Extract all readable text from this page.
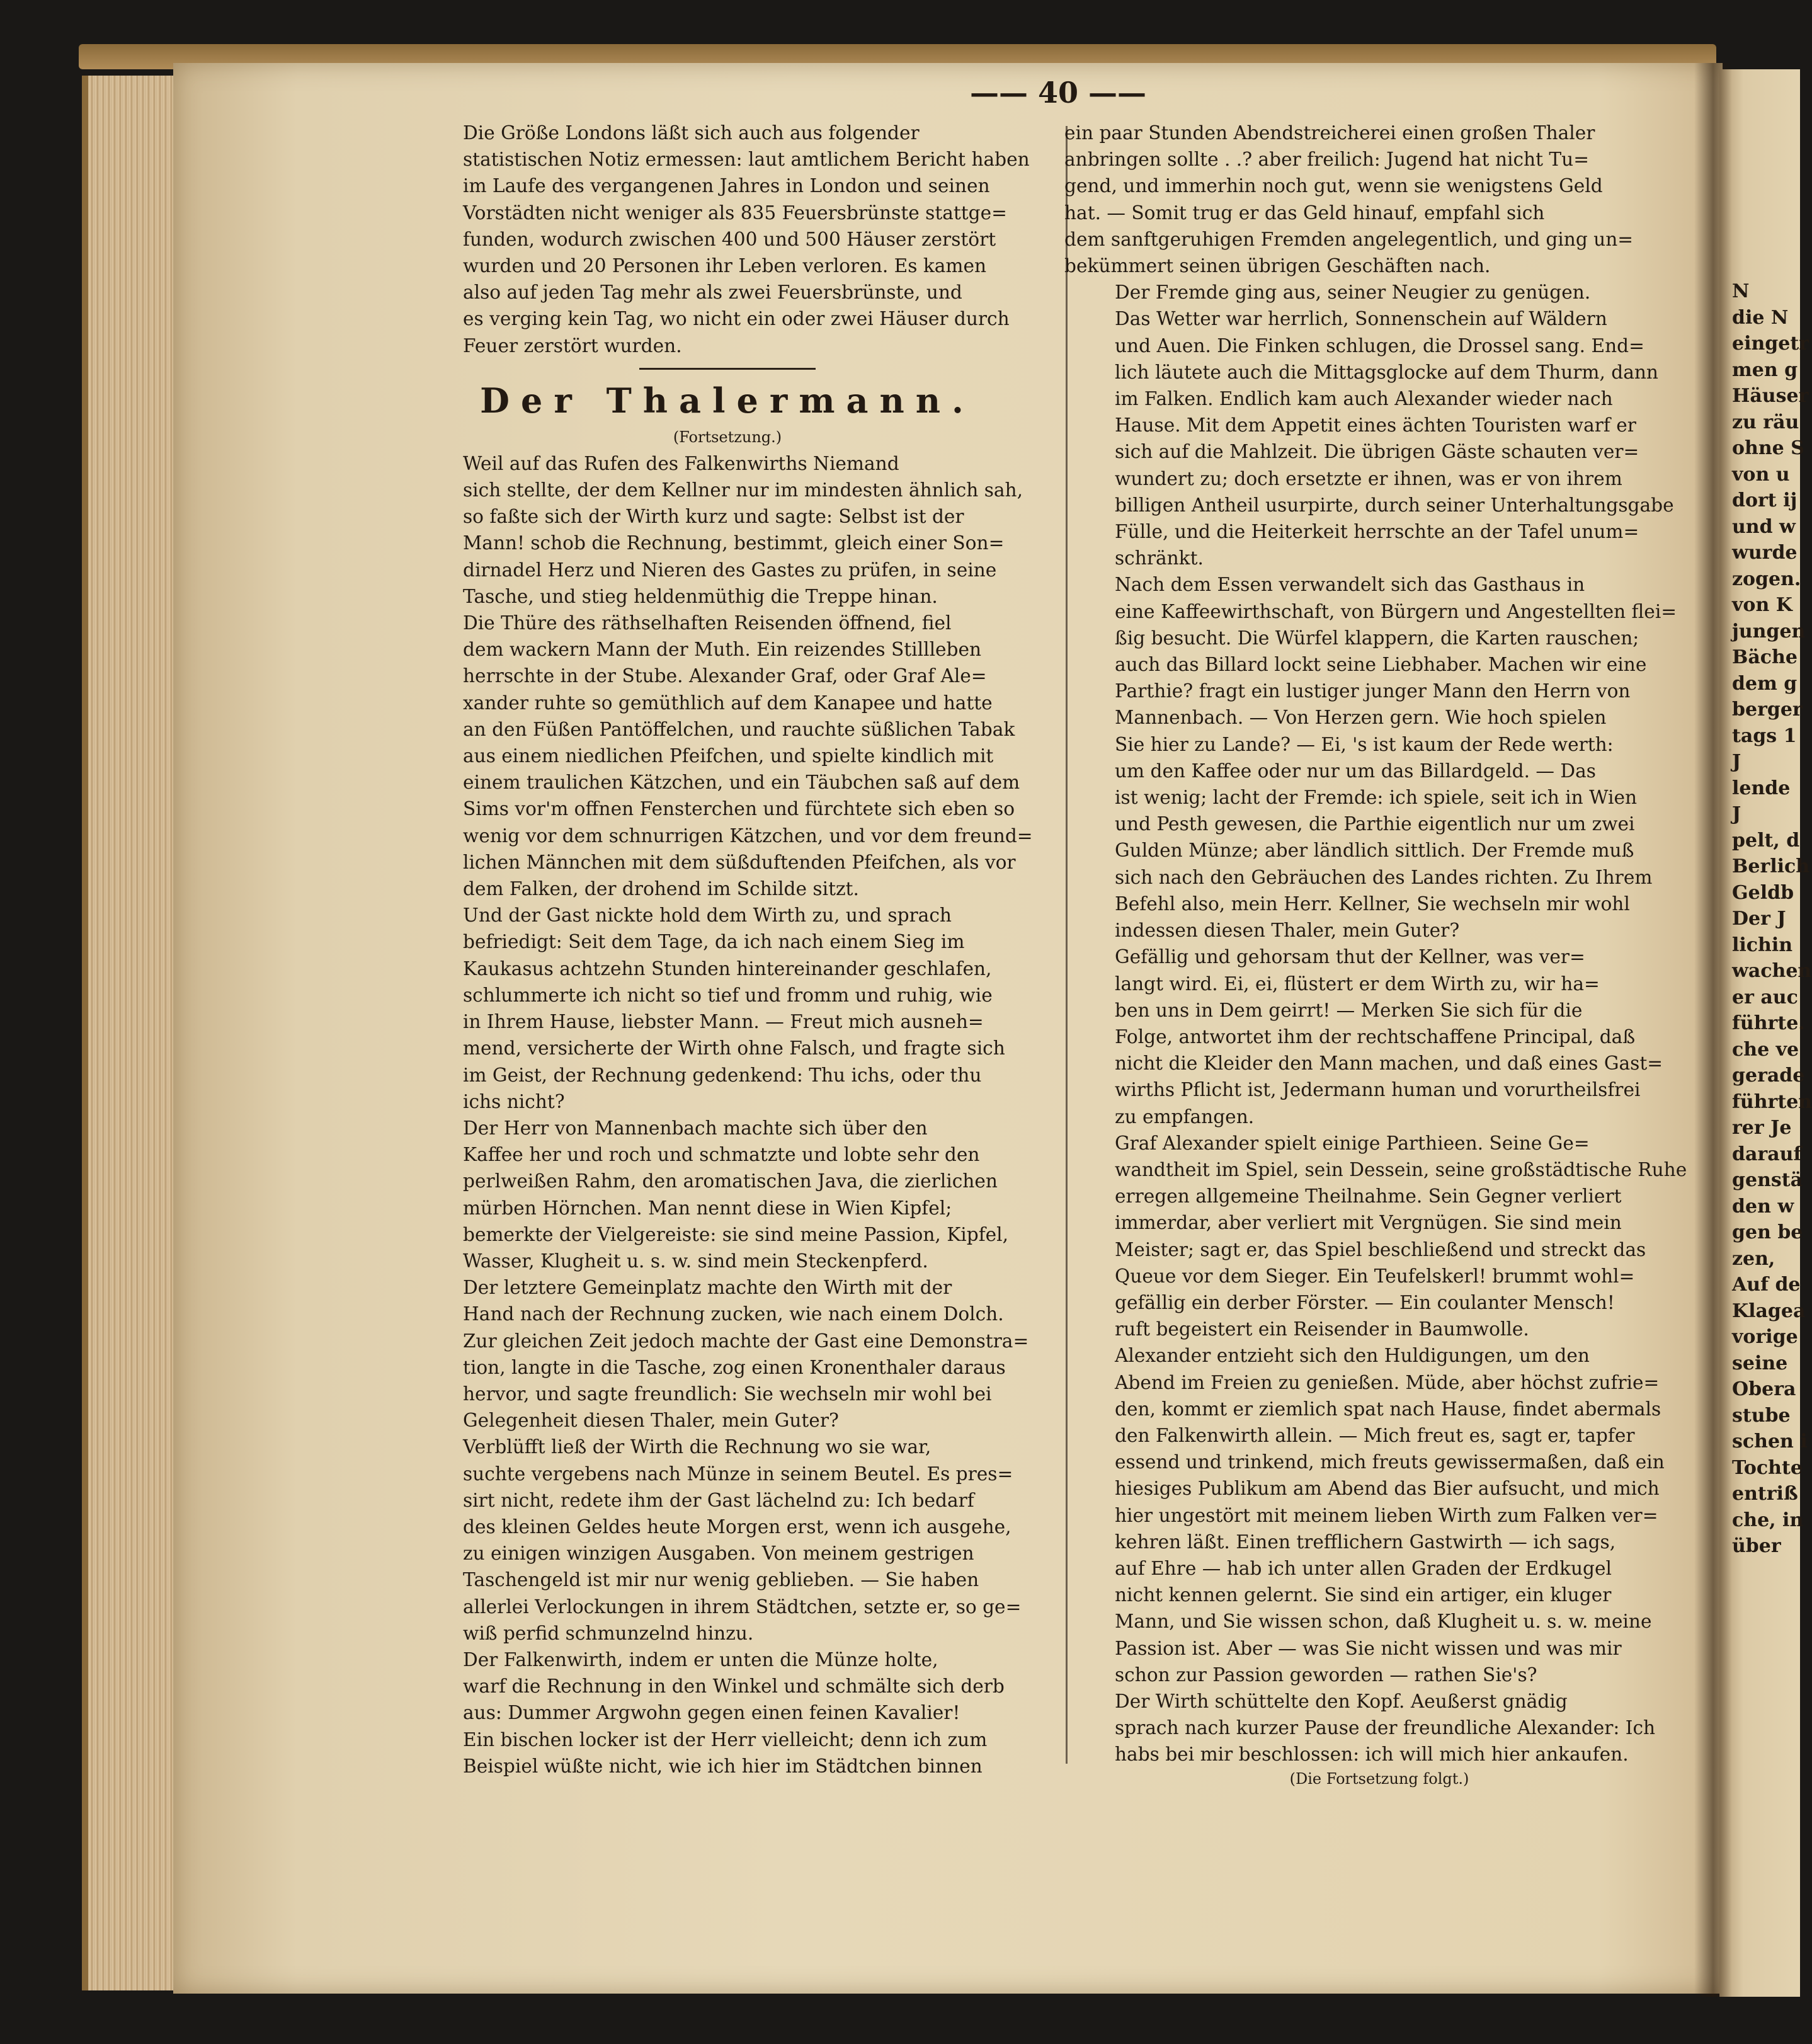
N
die N
eingetr
men g
Häuser
zu räu
ohne S
von u
dort ij
und w
wurde
zogen.
von K
jungen
Bäche
dem g
berger
tags 1
J
lende
J
pelt, d
Berlich
Geldb
Der J
lichin
wachen
er auc
führte.
che ve
gerade
führten
rer Je
darauf
genstä
den w
gen be
zen,
Auf de
Klagea
vorige
seine
Obera
stube
schen i
Tochte
entriß
che, in
über
—— 40 ——

Die Größe Londons läßt sich auch aus folgender
statistischen Notiz ermessen: laut amtlichem Bericht haben
im Laufe des vergangenen Jahres in London und seinen
Vorstädten nicht weniger als 835 Feuersbrünste stattge=
funden, wodurch zwischen 400 und 500 Häuser zerstört
wurden und 20 Personen ihr Leben verloren. Es kamen
also auf jeden Tag mehr als zwei Feuersbrünste, und
es verging kein Tag, wo nicht ein oder zwei Häuser durch
Feuer zerstört wurden.

Der Thalermann.
(Fortsetzung.)

Weil auf das Rufen des Falkenwirths Niemand
sich stellte, der dem Kellner nur im mindesten ähnlich sah,
so faßte sich der Wirth kurz und sagte: Selbst ist der
Mann! schob die Rechnung, bestimmt, gleich einer Son=
dirnadel Herz und Nieren des Gastes zu prüfen, in seine
Tasche, und stieg heldenmüthig die Treppe hinan.

Die Thüre des räthselhaften Reisenden öffnend, fiel
dem wackern Mann der Muth. Ein reizendes Stillleben
herrschte in der Stube. Alexander Graf, oder Graf Ale=
xander ruhte so gemüthlich auf dem Kanapee und hatte
an den Füßen Pantöffelchen, und rauchte süßlichen Tabak
aus einem niedlichen Pfeifchen, und spielte kindlich mit
einem traulichen Kätzchen, und ein Täubchen saß auf dem
Sims vor'm offnen Fensterchen und fürchtete sich eben so
wenig vor dem schnurrigen Kätzchen, und vor dem freund=
lichen Männchen mit dem süßduftenden Pfeifchen, als vor
dem Falken, der drohend im Schilde sitzt.

Und der Gast nickte hold dem Wirth zu, und sprach
befriedigt: Seit dem Tage, da ich nach einem Sieg im
Kaukasus achtzehn Stunden hintereinander geschlafen,
schlummerte ich nicht so tief und fromm und ruhig, wie
in Ihrem Hause, liebster Mann. — Freut mich ausneh=
mend, versicherte der Wirth ohne Falsch, und fragte sich
im Geist, der Rechnung gedenkend: Thu ichs, oder thu
ichs nicht?

Der Herr von Mannenbach machte sich über den
Kaffee her und roch und schmatzte und lobte sehr den
perlweißen Rahm, den aromatischen Java, die zierlichen
mürben Hörnchen. Man nennt diese in Wien Kipfel;
bemerkte der Vielgereiste: sie sind meine Passion, Kipfel,
Wasser, Klugheit u. s. w. sind mein Steckenpferd.

Der letztere Gemeinplatz machte den Wirth mit der
Hand nach der Rechnung zucken, wie nach einem Dolch.
Zur gleichen Zeit jedoch machte der Gast eine Demonstra=
tion, langte in die Tasche, zog einen Kronenthaler daraus
hervor, und sagte freundlich: Sie wechseln mir wohl bei
Gelegenheit diesen Thaler, mein Guter?

Verblüfft ließ der Wirth die Rechnung wo sie war,
suchte vergebens nach Münze in seinem Beutel. Es pres=
sirt nicht, redete ihm der Gast lächelnd zu: Ich bedarf
des kleinen Geldes heute Morgen erst, wenn ich ausgehe,
zu einigen winzigen Ausgaben. Von meinem gestrigen
Taschengeld ist mir nur wenig geblieben. — Sie haben
allerlei Verlockungen in ihrem Städtchen, setzte er, so ge=
wiß perfid schmunzelnd hinzu.

Der Falkenwirth, indem er unten die Münze holte,
warf die Rechnung in den Winkel und schmälte sich derb
aus: Dummer Argwohn gegen einen feinen Kavalier!
Ein bischen locker ist der Herr vielleicht; denn ich zum
Beispiel wüßte nicht, wie ich hier im Städtchen binnen

ein paar Stunden Abendstreicherei einen großen Thaler
anbringen sollte . .? aber freilich: Jugend hat nicht Tu=
gend, und immerhin noch gut, wenn sie wenigstens Geld
hat. — Somit trug er das Geld hinauf, empfahl sich
dem sanftgeruhigen Fremden angelegentlich, und ging un=
bekümmert seinen übrigen Geschäften nach.

Der Fremde ging aus, seiner Neugier zu genügen.
Das Wetter war herrlich, Sonnenschein auf Wäldern
und Auen. Die Finken schlugen, die Drossel sang. End=
lich läutete auch die Mittagsglocke auf dem Thurm, dann
im Falken. Endlich kam auch Alexander wieder nach
Hause. Mit dem Appetit eines ächten Touristen warf er
sich auf die Mahlzeit. Die übrigen Gäste schauten ver=
wundert zu; doch ersetzte er ihnen, was er von ihrem
billigen Antheil usurpirte, durch seiner Unterhaltungsgabe
Fülle, und die Heiterkeit herrschte an der Tafel unum=
schränkt.

Nach dem Essen verwandelt sich das Gasthaus in
eine Kaffeewirthschaft, von Bürgern und Angestellten flei=
ßig besucht. Die Würfel klappern, die Karten rauschen;
auch das Billard lockt seine Liebhaber. Machen wir eine
Parthie? fragt ein lustiger junger Mann den Herrn von
Mannenbach. — Von Herzen gern. Wie hoch spielen
Sie hier zu Lande? — Ei, 's ist kaum der Rede werth:
um den Kaffee oder nur um das Billardgeld. — Das
ist wenig; lacht der Fremde: ich spiele, seit ich in Wien
und Pesth gewesen, die Parthie eigentlich nur um zwei
Gulden Münze; aber ländlich sittlich. Der Fremde muß
sich nach den Gebräuchen des Landes richten. Zu Ihrem
Befehl also, mein Herr. Kellner, Sie wechseln mir wohl
indessen diesen Thaler, mein Guter?

Gefällig und gehorsam thut der Kellner, was ver=
langt wird. Ei, ei, flüstert er dem Wirth zu, wir ha=
ben uns in Dem geirrt! — Merken Sie sich für die
Folge, antwortet ihm der rechtschaffene Principal, daß
nicht die Kleider den Mann machen, und daß eines Gast=
wirths Pflicht ist, Jedermann human und vorurtheilsfrei
zu empfangen.

Graf Alexander spielt einige Parthieen. Seine Ge=
wandtheit im Spiel, sein Dessein, seine großstädtische Ruhe
erregen allgemeine Theilnahme. Sein Gegner verliert
immerdar, aber verliert mit Vergnügen. Sie sind mein
Meister; sagt er, das Spiel beschließend und streckt das
Queue vor dem Sieger. Ein Teufelskerl! brummt wohl=
gefällig ein derber Förster. — Ein coulanter Mensch!
ruft begeistert ein Reisender in Baumwolle.

Alexander entzieht sich den Huldigungen, um den
Abend im Freien zu genießen. Müde, aber höchst zufrie=
den, kommt er ziemlich spat nach Hause, findet abermals
den Falkenwirth allein. — Mich freut es, sagt er, tapfer
essend und trinkend, mich freuts gewissermaßen, daß ein
hiesiges Publikum am Abend das Bier aufsucht, und mich
hier ungestört mit meinem lieben Wirth zum Falken ver=
kehren läßt. Einen trefflichern Gastwirth — ich sags,
auf Ehre — hab ich unter allen Graden der Erdkugel
nicht kennen gelernt. Sie sind ein artiger, ein kluger
Mann, und Sie wissen schon, daß Klugheit u. s. w. meine
Passion ist. Aber — was Sie nicht wissen und was mir
schon zur Passion geworden — rathen Sie's?

Der Wirth schüttelte den Kopf. Aeußerst gnädig
sprach nach kurzer Pause der freundliche Alexander: Ich
habs bei mir beschlossen: ich will mich hier ankaufen.

(Die Fortsetzung folgt.)
